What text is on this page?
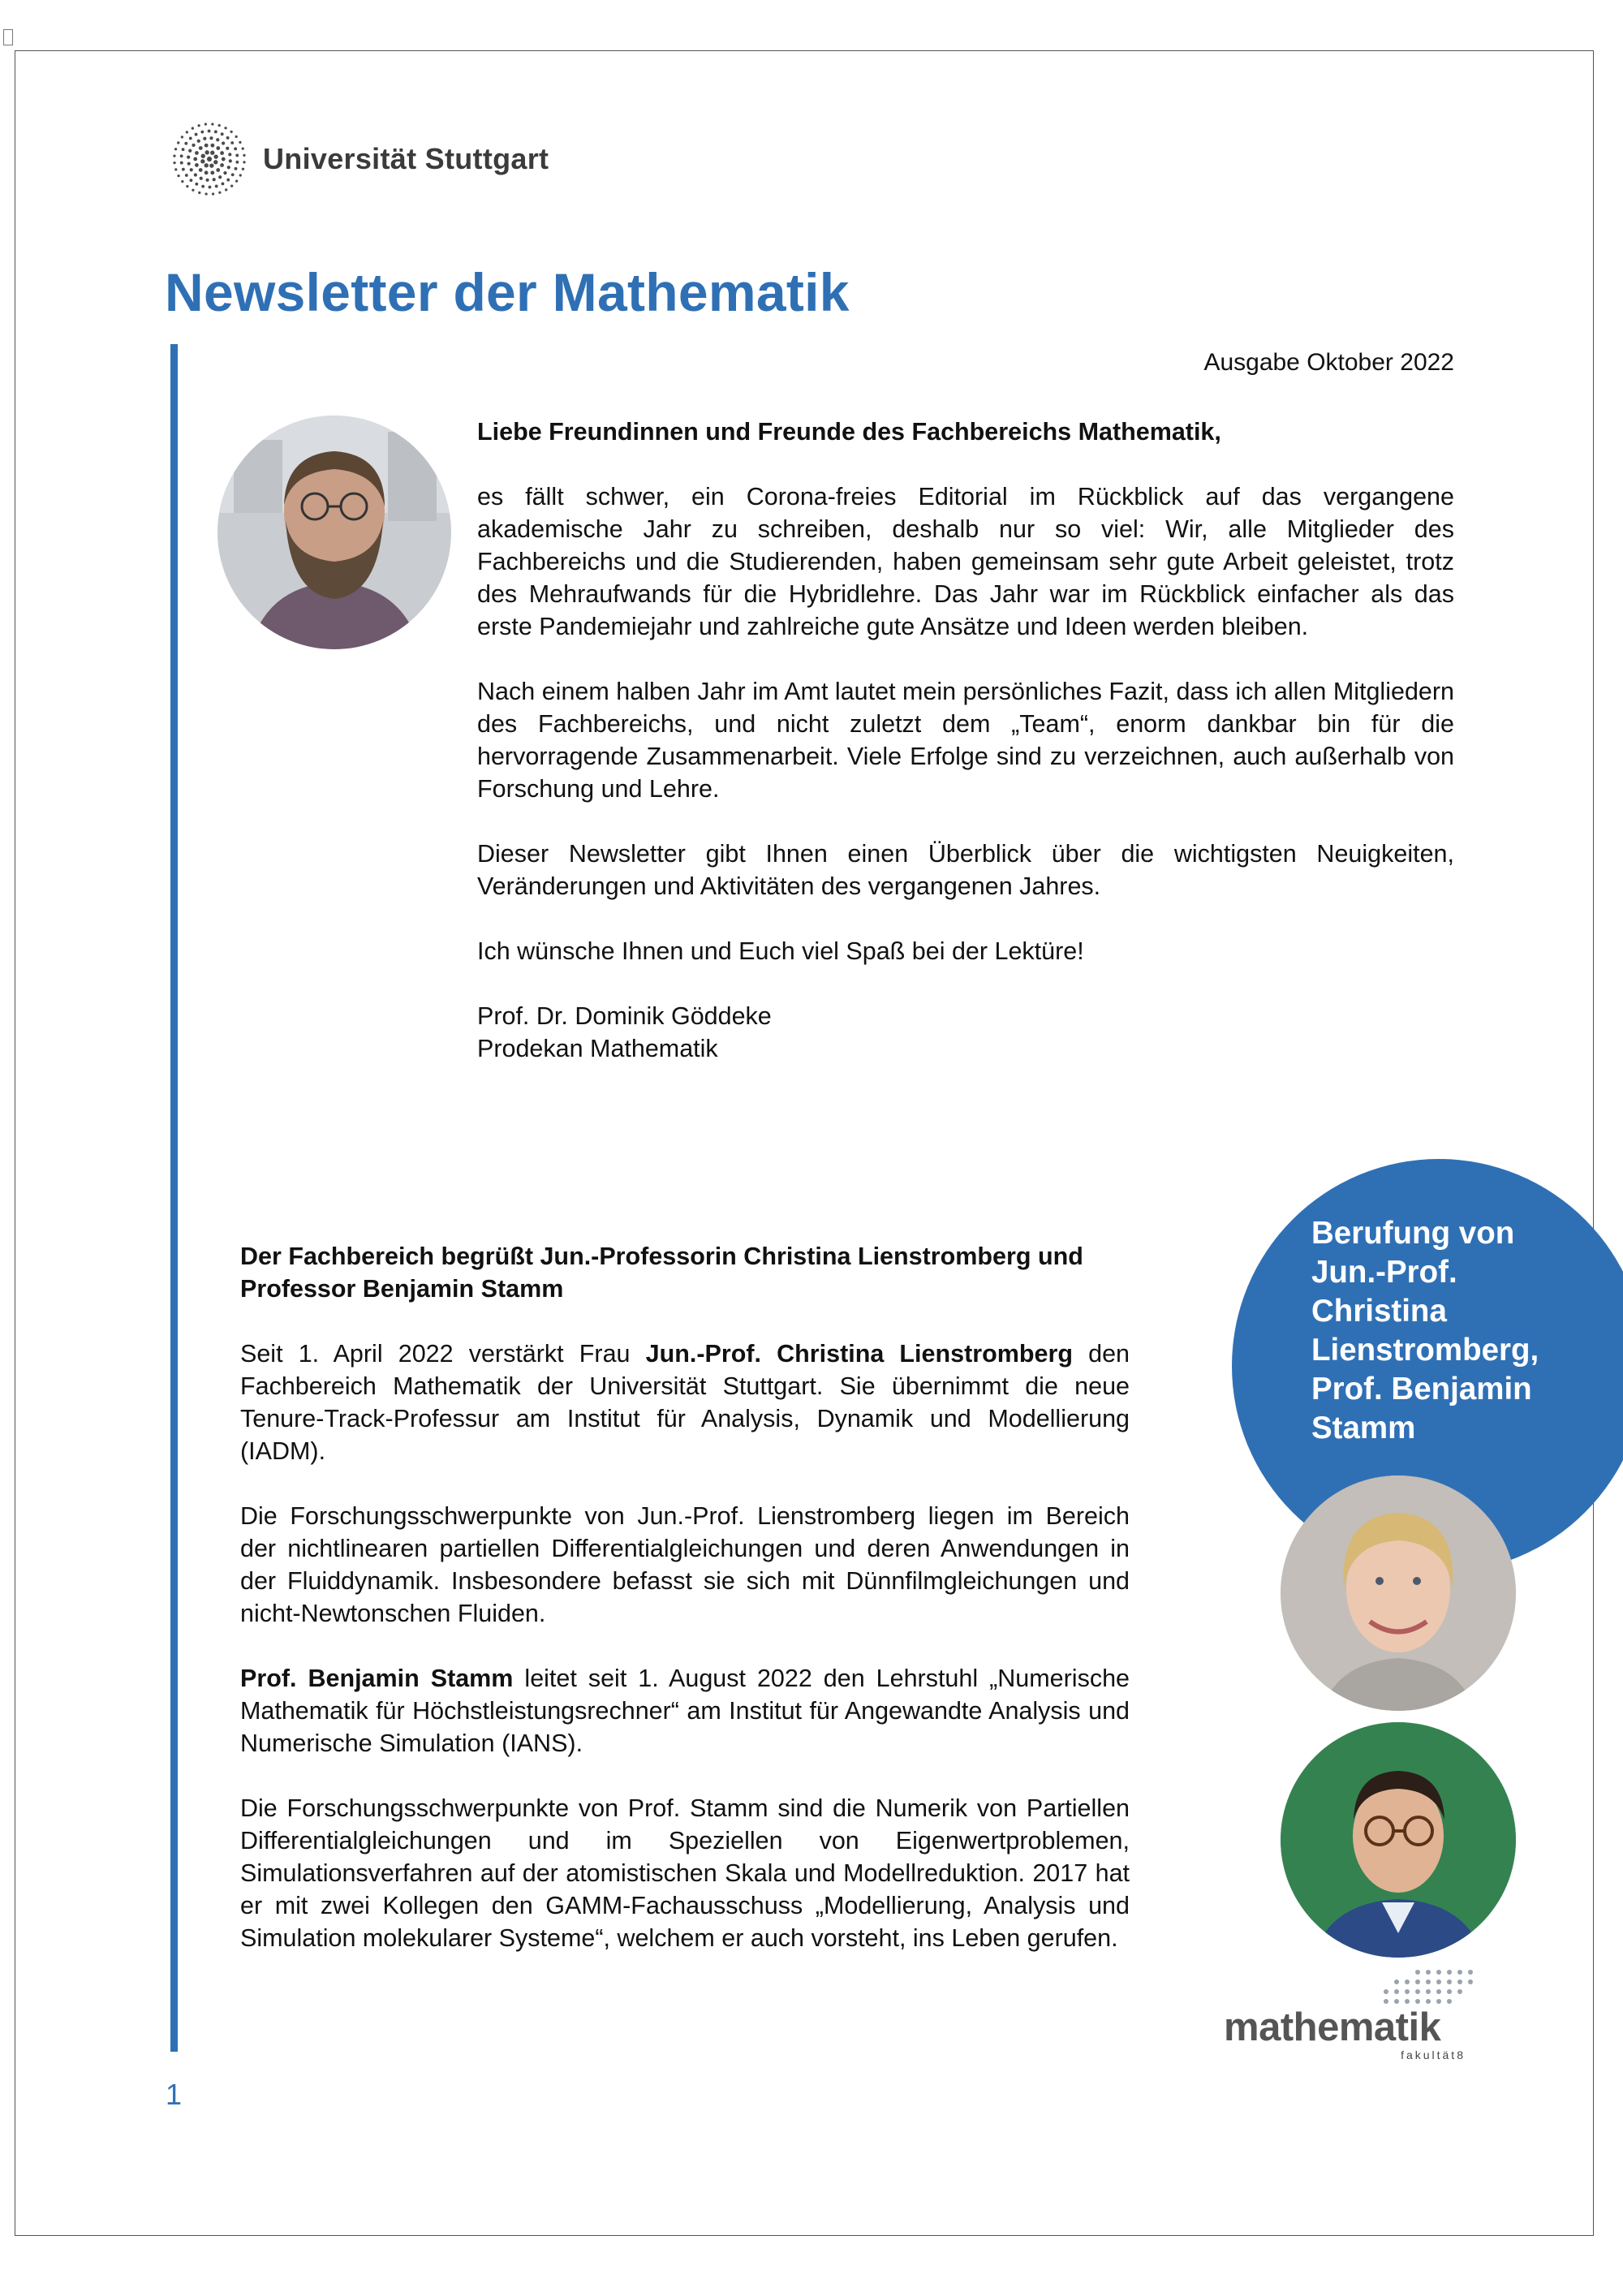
Universität Stuttgart
Newsletter der Mathematik
Ausgabe Oktober 2022

Liebe Freundinnen und Freunde des Fachbereichs Mathematik,

es fällt schwer, ein Corona-freies Editorial im Rückblick auf das vergangene akademische Jahr zu schreiben, deshalb nur so viel: Wir, alle Mitglieder des Fachbereichs und die Studierenden, haben gemeinsam sehr gute Arbeit geleistet, trotz des Mehraufwands für die Hybridlehre. Das Jahr war im Rückblick einfacher als das erste Pandemiejahr und zahlreiche gute Ansätze und Ideen werden bleiben.

Nach einem halben Jahr im Amt lautet mein persönliches Fazit, dass ich allen Mitgliedern des Fachbereichs, und nicht zuletzt dem „Team“, enorm dankbar bin für die hervorragende Zusammenarbeit. Viele Erfolge sind zu verzeichnen, auch außerhalb von Forschung und Lehre.

Dieser Newsletter gibt Ihnen einen Überblick über die wichtigsten Neuigkeiten, Veränderungen und Aktivitäten des vergangenen Jahres.

Ich wünsche Ihnen und Euch viel Spaß bei der Lektüre!

Prof. Dr. Dominik Göddeke

Prodekan Mathematik

Berufung von Jun.-Prof. Christina Lienstromberg, Prof. Benjamin Stamm

Der Fachbereich begrüßt Jun.-Professorin Christina Lienstromberg und Professor Benjamin Stamm

Seit 1. April 2022 verstärkt Frau Jun.-Prof. Christina Lienstromberg den Fachbereich Mathematik der Universität Stuttgart. Sie übernimmt die neue Tenure-Track-Professur am Institut für Analysis, Dynamik und Modellierung (IADM).

Die Forschungsschwerpunkte von Jun.-Prof. Lienstromberg liegen im Bereich der nichtlinearen partiellen Differentialgleichungen und deren Anwendungen in der Fluiddynamik. Insbesondere befasst sie sich mit Dünnfilmgleichungen und nicht-Newtonschen Fluiden.

Prof. Benjamin Stamm leitet seit 1. August 2022 den Lehrstuhl „Numerische Mathematik für Höchstleistungsrechner“ am Institut für Angewandte Analysis und Numerische Simulation (IANS).

Die Forschungsschwerpunkte von Prof. Stamm sind die Numerik von Partiellen Differentialgleichungen und im Speziellen von Eigenwertproblemen, Simulationsverfahren auf der atomistischen Skala und Modellreduktion. 2017 hat er mit zwei Kollegen den GAMM-Fachausschuss „Modellierung, Analysis und Simulation molekularer Systeme“, welchem er auch vorsteht, ins Leben gerufen.

mathematik
fakultät8
1
